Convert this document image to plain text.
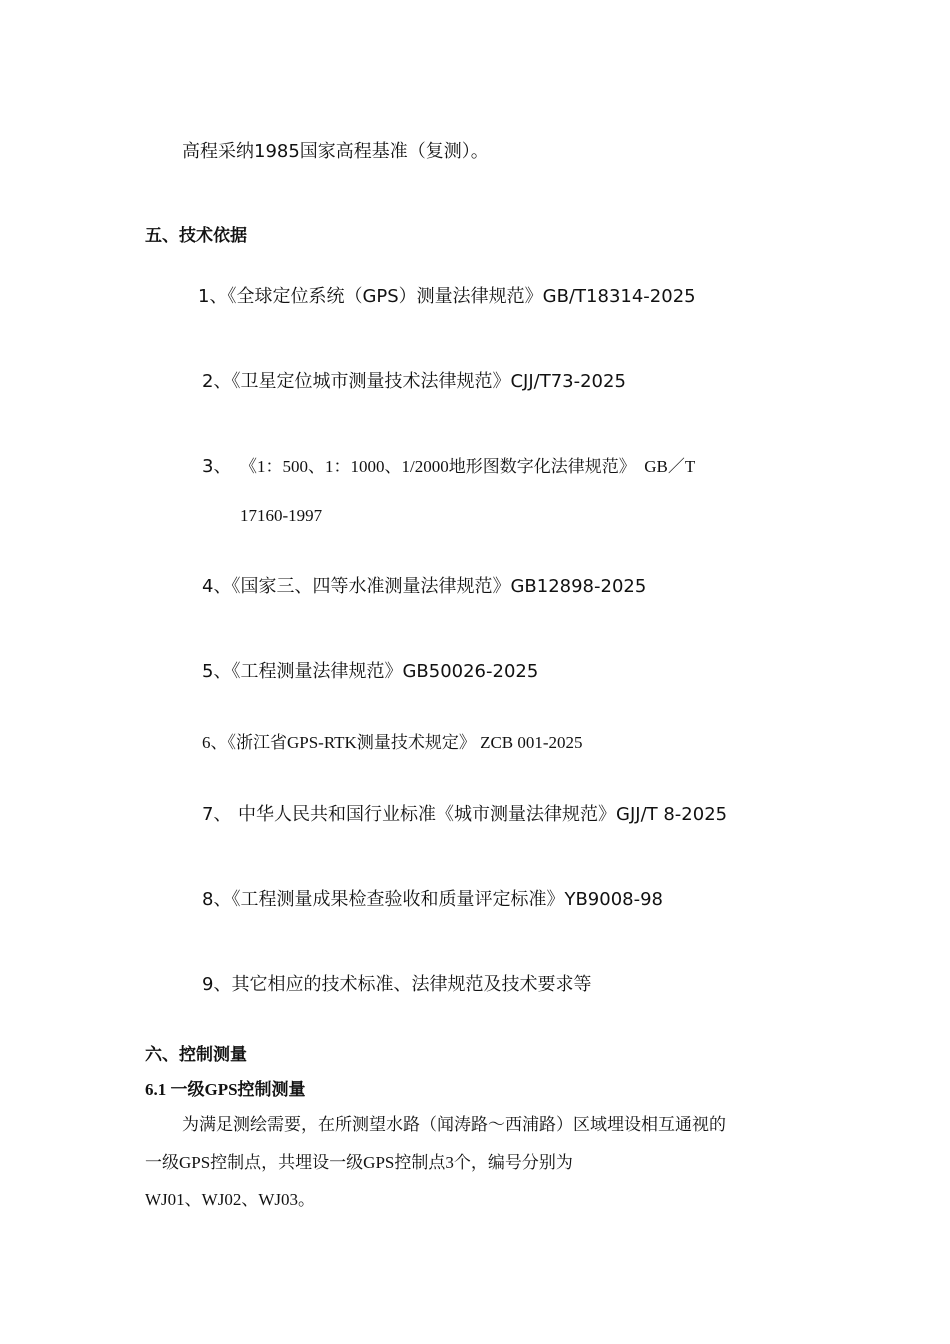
高程采纳1985国家高程基准（复测）。
五、技术依据
1、《全球定位系统（GPS）测量法律规范》GB/T18314-2025
2、《卫星定位城市测量技术法律规范》CJJ/T73-2025
3、 《1：500、1：1000、1/2000地形图数字化法律规范》　GB／T
17160-1997
4、《国家三、四等水准测量法律规范》GB12898-2025
5、《工程测量法律规范》GB50026-2025
6、《浙江省GPS-RTK测量技术规定》 ZCB 001-2025
7、 中华人民共和国行业标准《城市测量法律规范》GJJ/T 8-2025
8、《工程测量成果检查验收和质量评定标准》YB9008-98
9、其它相应的技术标准、法律规范及技术要求等
六、控制测量
6.1 一级GPS控制测量
为满足测绘需要，在所测望水路（闻涛路～西浦路）区域埋设相互通视的
一级GPS控制点，共埋设一级GPS控制点3个，编号分别为
WJ01、WJ02、WJ03。
